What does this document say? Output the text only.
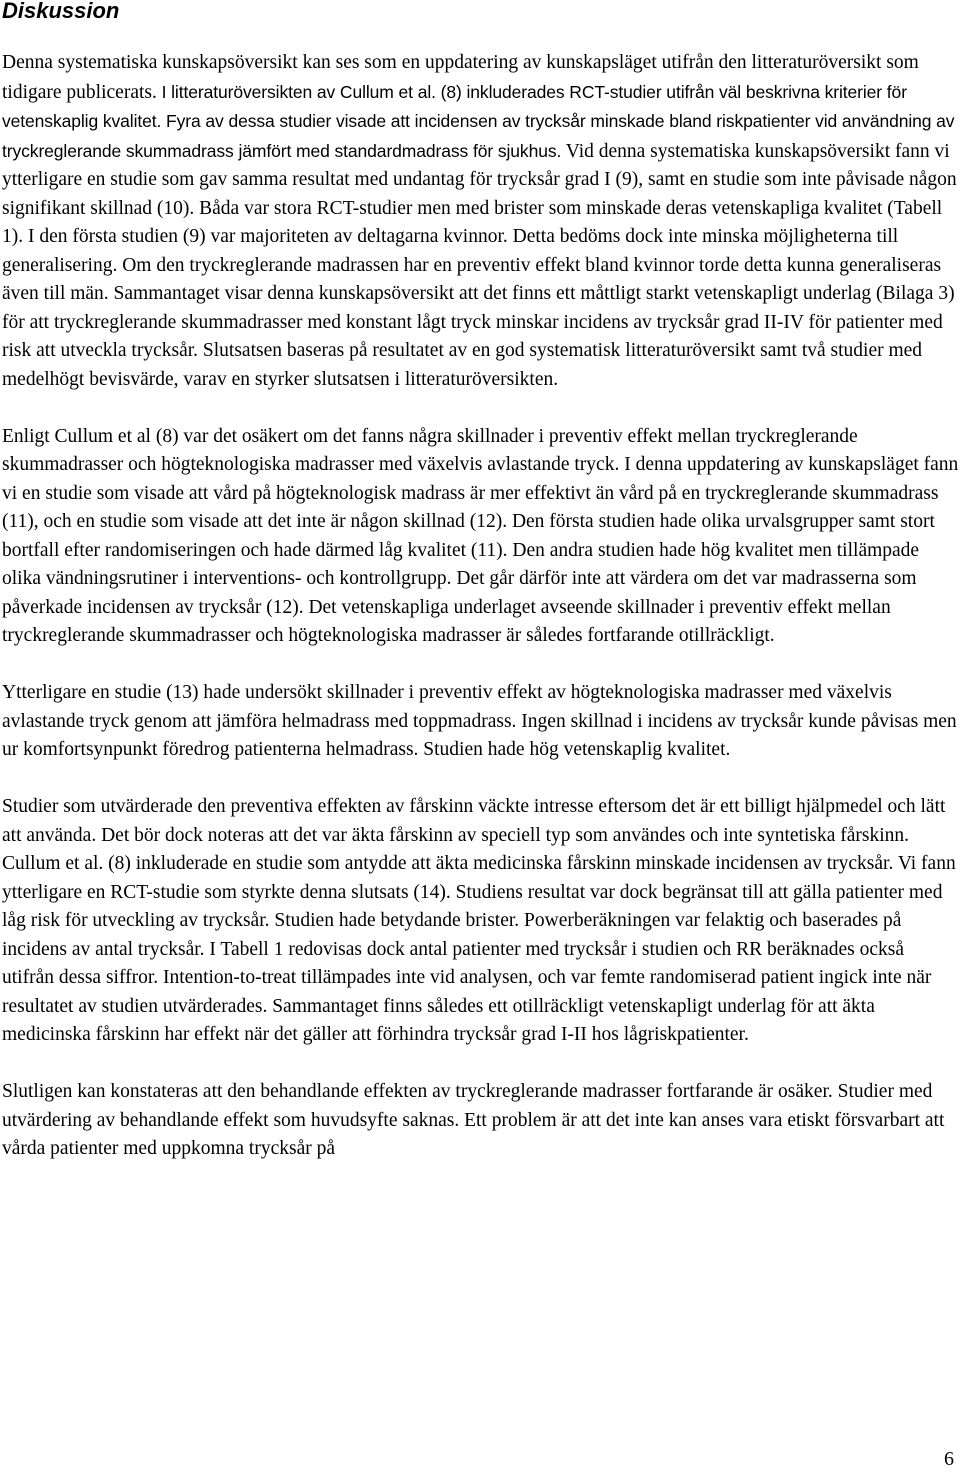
Diskussion

Denna systematiska kunskapsöversikt kan ses som en uppdatering av kunskapsläget utifrån den litteraturöversikt som tidigare publicerats. I litteraturöversikten av Cullum et al. (8) inkluderades RCT-studier utifrån väl beskrivna kriterier för vetenskaplig kvalitet. Fyra av dessa studier visade att incidensen av trycksår minskade bland riskpatienter vid användning av tryckreglerande skummadrass jämfört med standardmadrass för sjukhus. Vid denna systematiska kunskapsöversikt fann vi ytterligare en studie som gav samma resultat med undantag för trycksår grad I (9), samt en studie som inte påvisade någon signifikant skillnad (10). Båda var stora RCT-studier men med brister som minskade deras vetenskapliga kvalitet (Tabell 1). I den första studien (9) var majoriteten av deltagarna kvinnor. Detta bedöms dock inte minska möjligheterna till generalisering. Om den tryckreglerande madrassen har en preventiv effekt bland kvinnor torde detta kunna generaliseras även till män. Sammantaget visar denna kunskapsöversikt att det finns ett måttligt starkt vetenskapligt underlag (Bilaga 3) för att tryckreglerande skummadrasser med konstant lågt tryck minskar incidens av trycksår grad II-IV för patienter med risk att utveckla trycksår. Slutsatsen baseras på resultatet av en god systematisk litteraturöversikt samt två studier med medelhögt bevisvärde, varav en styrker slutsatsen i litteraturöversikten.

Enligt Cullum et al (8) var det osäkert om det fanns några skillnader i preventiv effekt mellan tryckreglerande skummadrasser och högteknologiska madrasser med växelvis avlastande tryck. I denna uppdatering av kunskapsläget fann vi en studie som visade att vård på högteknologisk madrass är mer effektivt än vård på en tryckreglerande skummadrass (11), och en studie som visade att det inte är någon skillnad (12). Den första studien hade olika urvalsgrupper samt stort bortfall efter randomiseringen och hade därmed låg kvalitet (11). Den andra studien hade hög kvalitet men tillämpade olika vändningsrutiner i interventions- och kontrollgrupp. Det går därför inte att värdera om det var madrasserna som påverkade incidensen av trycksår (12). Det vetenskapliga underlaget avseende skillnader i preventiv effekt mellan tryckreglerande skummadrasser och högteknologiska madrasser är således fortfarande otillräckligt.

Ytterligare en studie (13) hade undersökt skillnader i preventiv effekt av högteknologiska madrasser med växelvis avlastande tryck genom att jämföra helmadrass med toppmadrass. Ingen skillnad i incidens av trycksår kunde påvisas men ur komfortsynpunkt föredrog patienterna helmadrass. Studien hade hög vetenskaplig kvalitet.

Studier som utvärderade den preventiva effekten av fårskinn väckte intresse eftersom det är ett billigt hjälpmedel och lätt att använda. Det bör dock noteras att det var äkta fårskinn av speciell typ som användes och inte syntetiska fårskinn. Cullum et al. (8) inkluderade en studie som antydde att äkta medicinska fårskinn minskade incidensen av trycksår. Vi fann ytterligare en RCT-studie som styrkte denna slutsats (14). Studiens resultat var dock begränsat till att gälla patienter med låg risk för utveckling av trycksår. Studien hade betydande brister. Powerberäkningen var felaktig och baserades på incidens av antal trycksår. I Tabell 1 redovisas dock antal patienter med trycksår i studien och RR beräknades också utifrån dessa siffror. Intention-to-treat tillämpades inte vid analysen, och var femte randomiserad patient ingick inte när resultatet av studien utvärderades. Sammantaget finns således ett otillräckligt vetenskapligt underlag för att äkta medicinska fårskinn har effekt när det gäller att förhindra trycksår grad I-II hos lågriskpatienter.

Slutligen kan konstateras att den behandlande effekten av tryckreglerande madrasser fortfarande är osäker. Studier med utvärdering av behandlande effekt som huvudsyfte saknas. Ett problem är att det inte kan anses vara etiskt försvarbart att vårda patienter med uppkomna trycksår på

6
